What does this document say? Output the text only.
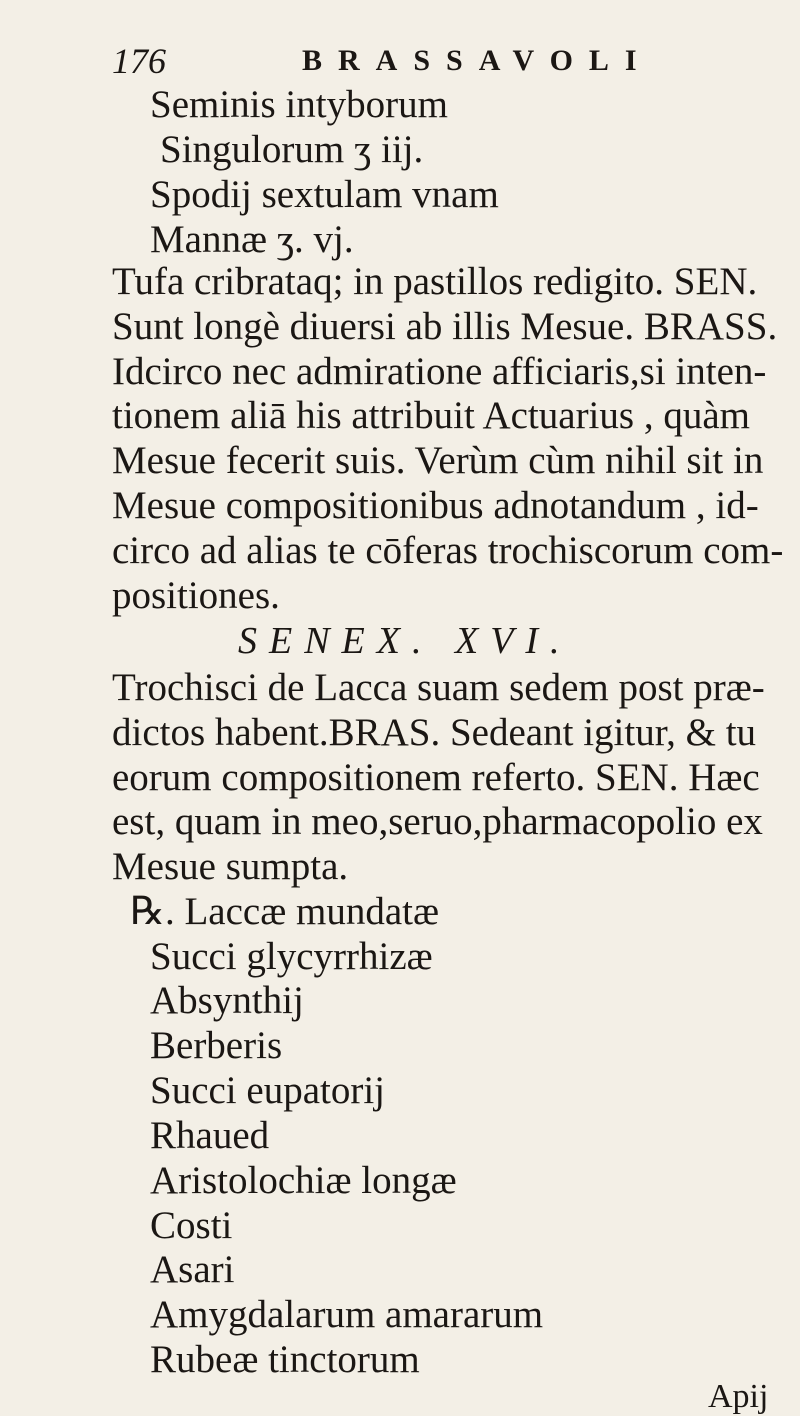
176	BRASSAVOLI
Seminis intyborum
Singulorum ʒ iij.
Spodij sextulam vnam
Mannæ ʒ. vj.
Tufa cribrataq; in pastillos redigito. SEN.
Sunt longè diuersi ab illis Mesue. BRASS.
Idcirco nec admiratione afficiaris,si inten-
tionem aliā his attribuit Actuarius , quàm
Mesue fecerit suis. Verùm cùm nihil sit in
Mesue compositionibus adnotandum , id-
circo ad alias te cōferas trochiscorum com-
positiones.
SENEX. XVI.
Trochisci de Lacca suam sedem post præ-
dictos habent.BRAS. Sedeant igitur, & tu
eorum compositionem referto. SEN. Hæc
est, quam in meo,seruo,pharmacopolio ex
Mesue sumpta.
℞. Laccæ mundatæ
Succi glycyrrhizæ
Absynthij
Berberis
Succi eupatorij
Rhaued
Aristolochiæ longæ
Costi
Asari
Amygdalarum amararum
Rubeæ tinctorum
Apij
